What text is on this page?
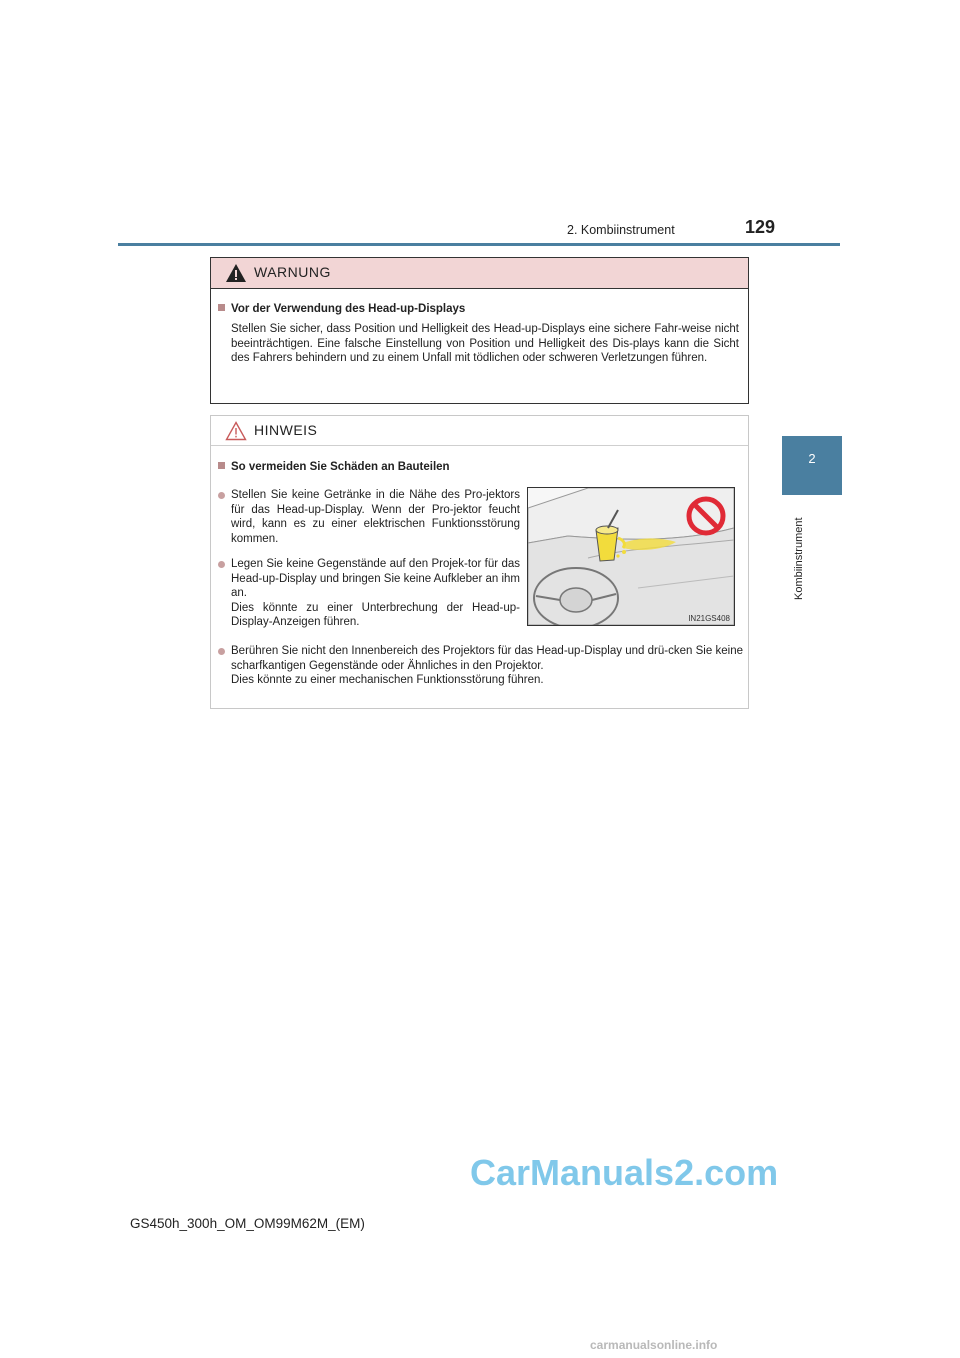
2. Kombiinstrument	129
2
Kombiinstrument
WARNUNG
Vor der Verwendung des Head-up-Displays
Stellen Sie sicher, dass Position und Helligkeit des Head-up-Displays eine sichere Fahr-weise nicht beeinträchtigen. Eine falsche Einstellung von Position und Helligkeit des Dis-plays kann die Sicht des Fahrers behindern und zu einem Unfall mit tödlichen oder schweren Verletzungen führen.
HINWEIS
So vermeiden Sie Schäden an Bauteilen
Stellen Sie keine Getränke in die Nähe des Pro-jektors für das Head-up-Display. Wenn der Pro-jektor feucht wird, kann es zu einer elektrischen Funktionsstörung kommen.
Legen Sie keine Gegenstände auf den Projek-tor für das Head-up-Display und bringen Sie keine Aufkleber an ihm an.
Dies könnte zu einer Unterbrechung der Head-up-Display-Anzeigen führen.
Berühren Sie nicht den Innenbereich des Projektors für das Head-up-Display und drü-cken Sie keine scharfkantigen Gegenstände oder Ähnliches in den Projektor.
Dies könnte zu einer mechanischen Funktionsstörung führen.
IN21GS408
GS450h_300h_OM_OM99M62M_(EM)
CarManuals2.com
carmanualsonline.info
